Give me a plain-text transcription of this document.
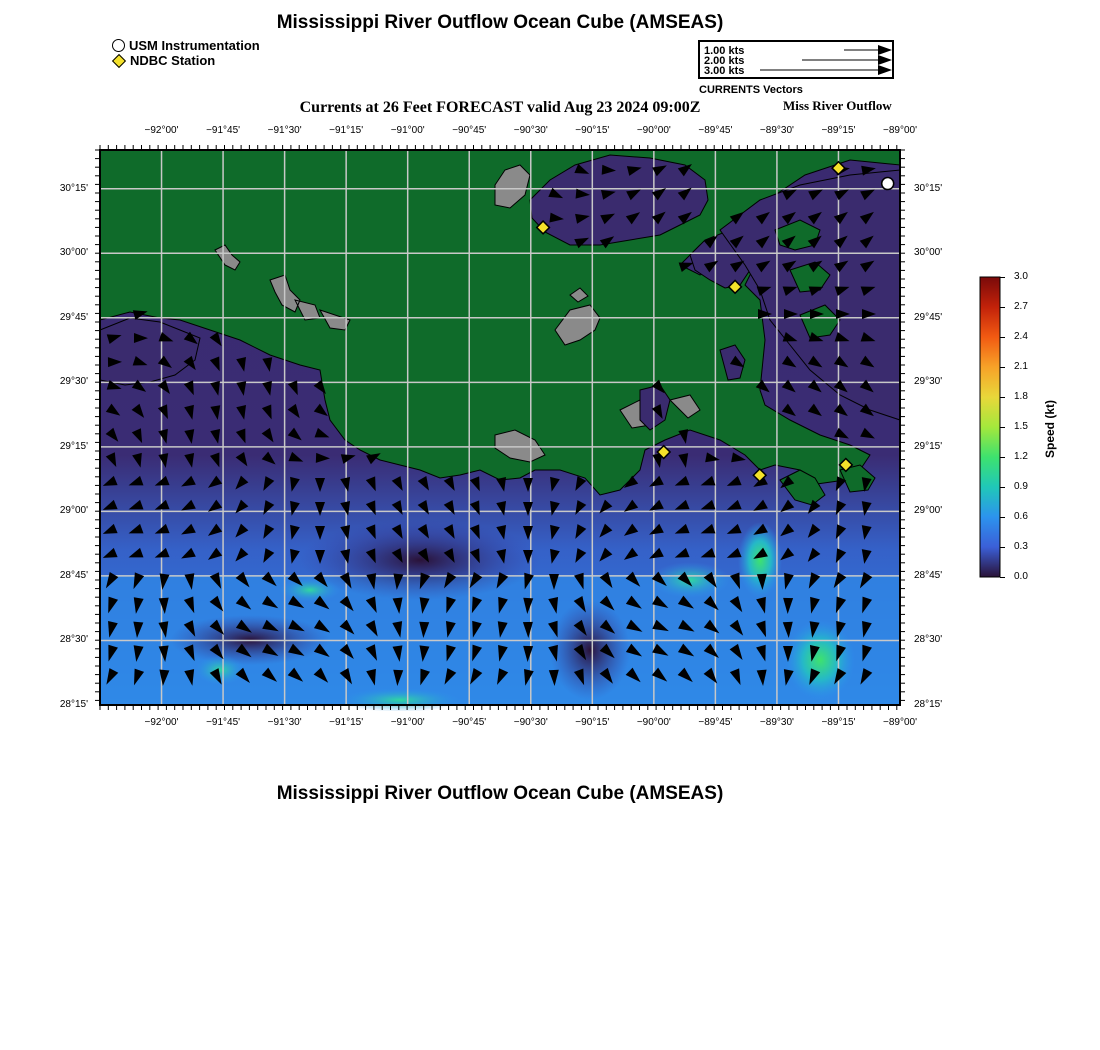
Mississippi River Outflow Ocean Cube (AMSEAS)
USM Instrumentation
NDBC Station
1.00 kts
2.00 kts
3.00 kts
CURRENTS Vectors
Currents at 26 Feet FORECAST valid Aug 23 2024 09:00Z	Miss River Outflow
−92°00'	−91°45'	−91°30'	−91°15'	−91°00'	−90°45'	−90°30'	−90°15'	−90°00'	−89°45'	−89°30'	−89°15'	−89°00'
−92°00'	−91°45'	−91°30'	−91°15'	−91°00'	−90°45'	−90°30'	−90°15'	−90°00'	−89°45'	−89°30'	−89°15'	−89°00'
30°15'
30°00'
29°45'
29°30'
29°15'
29°00'
28°45'
28°30'
28°15'
30°15'
30°00'
29°45'
29°30'
29°15'
29°00'
28°45'
28°30'
28°15'
3.0
2.7
2.4
2.1
1.8
1.5
1.2
0.9
0.6
0.3
0.0
Speed (kt)
Mississippi River Outflow Ocean Cube (AMSEAS)
